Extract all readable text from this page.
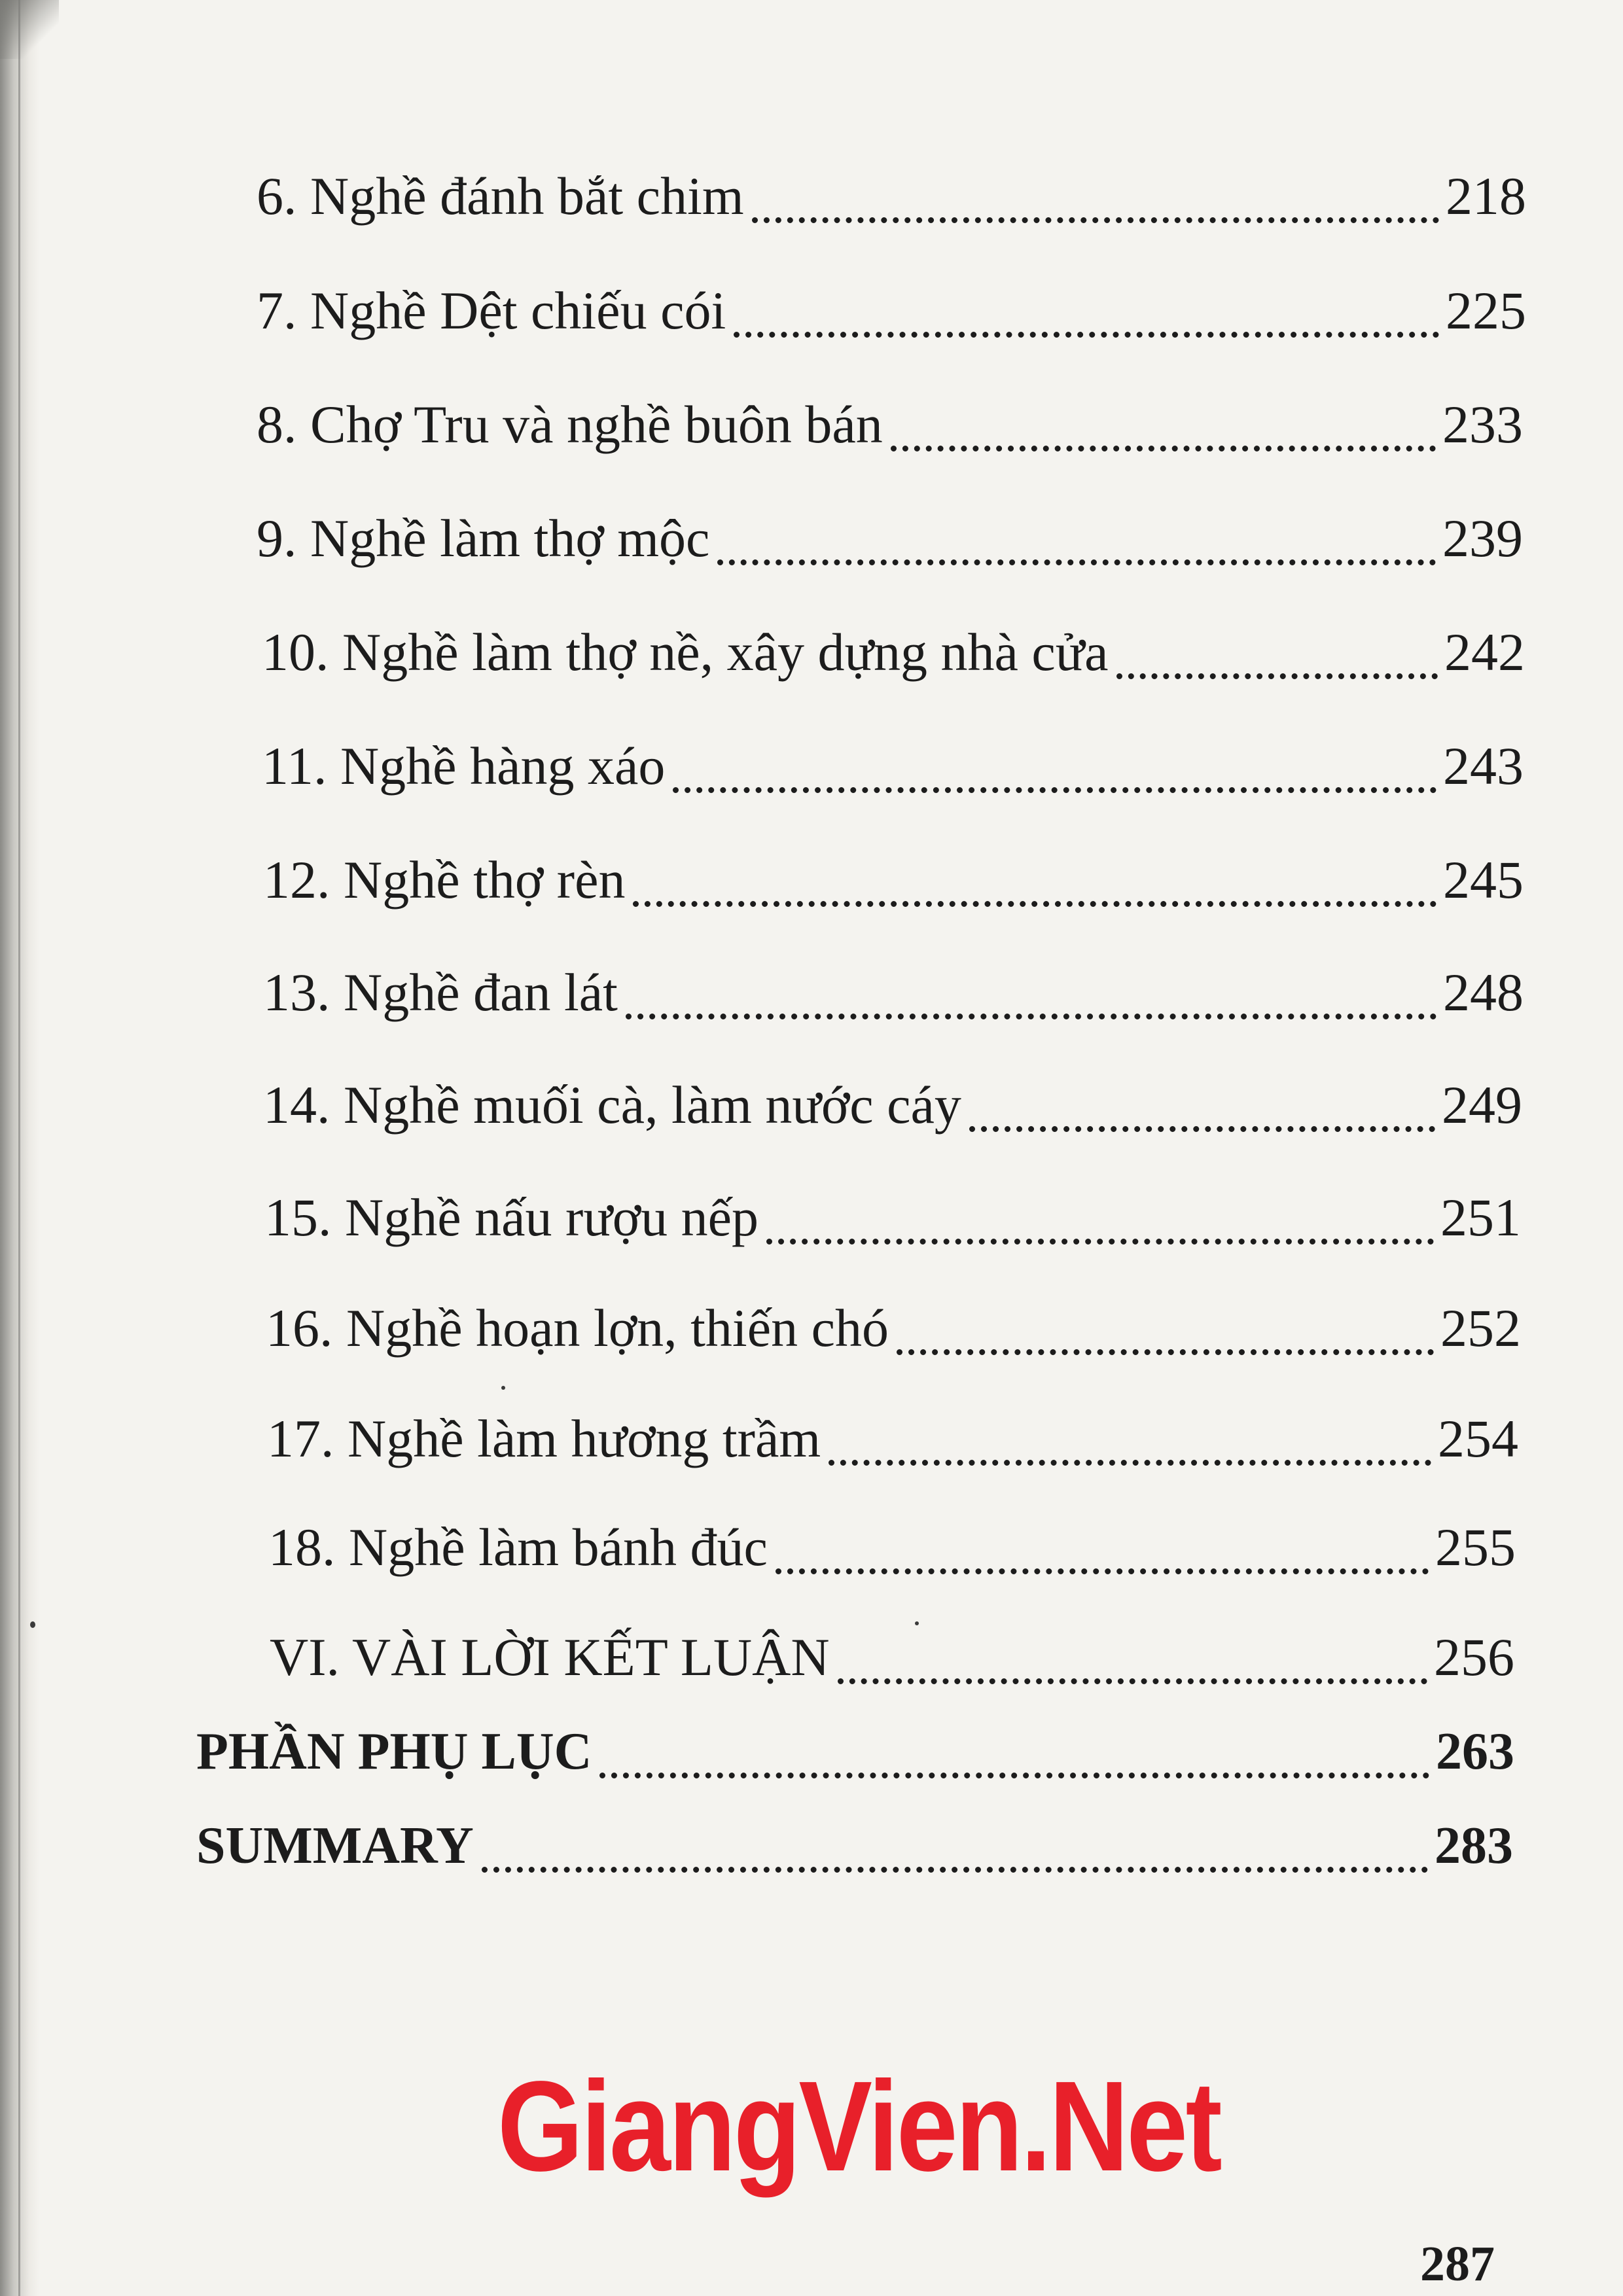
6. Nghề đánh bắt chim	218
7. Nghề Dệt chiếu cói	225
8. Chợ Tru và nghề buôn bán	233
9. Nghề làm thợ mộc	239
10. Nghề làm thợ nề, xây dựng nhà cửa	242
11. Nghề hàng xáo	243
12. Nghề thợ rèn	245
13. Nghề đan lát	248
14. Nghề muối cà, làm nước cáy	249
15. Nghề nấu rượu nếp	251
16. Nghề hoạn lợn, thiến chó	252
17. Nghề làm hương trầm	254
18. Nghề làm bánh đúc	255
VI. VÀI LỜI KẾT LUẬN	256
PHẦN PHỤ LỤC	263
SUMMARY	283
GiangVien.Net
287
